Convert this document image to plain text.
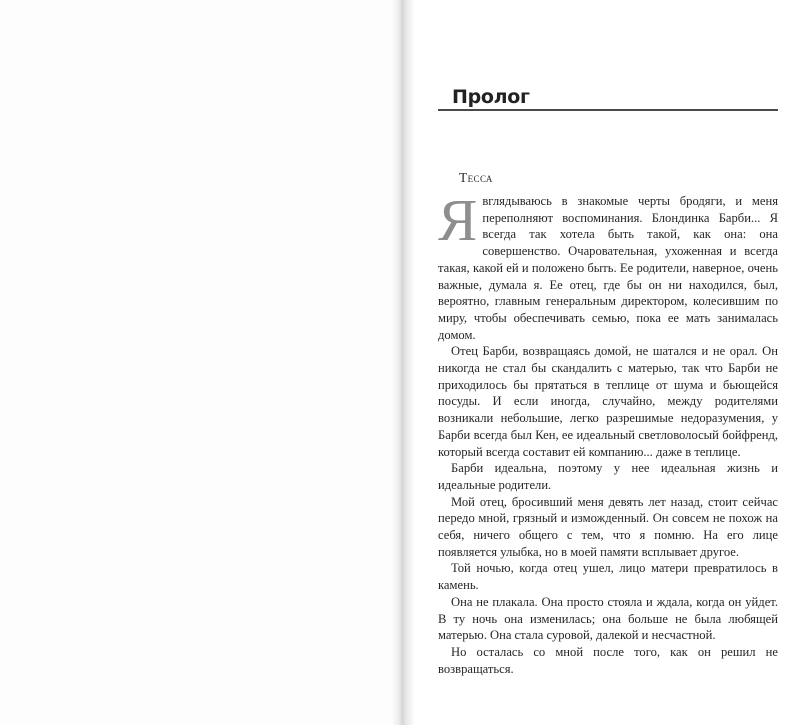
Пролог
Тесса

Явглядываюсь в знакомые черты бродяги, и меня переполняют воспоминания. Блондинка Барби... Я всегда так хотела быть такой, как она: она совершенство. Очаровательная, ухоженная и всегда такая, какой ей и положено быть. Ее родители, наверное, очень важные, думала я. Ее отец, где бы он ни находился, был, вероятно, главным генеральным директором, колесившим по миру, чтобы обеспечивать семью, пока ее мать занималась домом.

Отец Барби, возвращаясь домой, не шатался и не орал. Он никогда не стал бы скандалить с матерью, так что Барби не приходилось бы прятаться в теплице от шума и бьющейся посуды. И если иногда, случайно, между родителями возникали небольшие, легко разрешимые недоразумения, у Барби всегда был Кен, ее идеальный светловолосый бойфренд, который всегда составит ей компанию... даже в теплице.

Барби идеальна, поэтому у нее идеальная жизнь и идеальные родители.

Мой отец, бросивший меня девять лет назад, стоит сейчас передо мной, грязный и изможденный. Он совсем не похож на себя, ничего общего с тем, что я помню. На его лице появляется улыбка, но в моей памяти всплывает другое.

Той ночью, когда отец ушел, лицо матери превратилось в камень.

Она не плакала. Она просто стояла и ждала, когда он уйдет. В ту ночь она изменилась; она больше не была любящей матерью. Она стала суровой, далекой и несчастной.

Но осталась со мной после того, как он решил не возвращаться.
